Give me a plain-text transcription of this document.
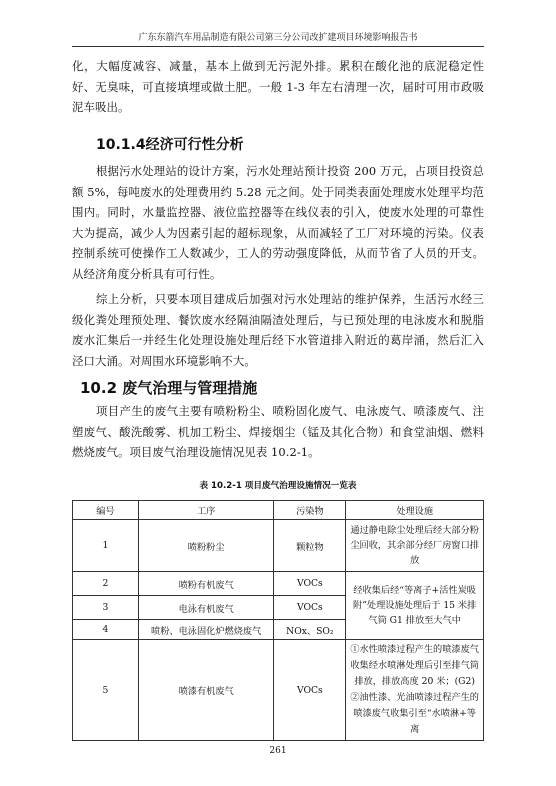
广东东箭汽车用品制造有限公司第三分公司改扩建项目环境影响报告书

化，大幅度减容、减量，基本上做到无污泥外排。累积在酸化池的底泥稳定性好、无臭味，可直接填埋或做土肥。一般 1-3 年左右清理一次，届时可用市政吸泥车吸出。

10.1.4经济可行性分析

根据污水处理站的设计方案，污水处理站预计投资 200 万元，占项目投资总额 5%，每吨废水的处理费用约 5.28 元之间。处于同类表面处理废水处理平均范围内。同时，水量监控器、液位监控器等在线仪表的引入，使废水处理的可靠性大为提高，减少人为因素引起的超标现象，从而减轻了工厂对环境的污染。仪表控制系统可使操作工人数减少，工人的劳动强度降低，从而节省了人员的开支。从经济角度分析具有可行性。

综上分析，只要本项目建成后加强对污水处理站的维护保养，生活污水经三级化粪处理预处理、餐饮废水经隔油隔渣处理后，与已预处理的电泳废水和脱脂废水汇集后一并经生化处理设施处理后经下水管道排入附近的葛岸涌，然后汇入泾口大涌。对周围水环境影响不大。

10.2 废气治理与管理措施

项目产生的废气主要有喷粉粉尘、喷粉固化废气、电泳废气、喷漆废气、注塑废气、酸洗酸雾、机加工粉尘、焊接烟尘（锰及其化合物）和食堂油烟、燃料燃烧废气。项目废气治理设施情况见表 10.2-1。

表 10.2-1 项目废气治理设施情况一览表
编号	工序	污染物	处理设施
1	喷粉粉尘	颗粒物	通过静电除尘处理后经大部分粉尘回收，其余部分经厂房窗口排放
2	喷粉有机废气	VOCs	经收集后经“等离子+活性炭吸附”处理设施处理后于 15 米排气筒 G1 排放至大气中
3	电泳有机废气	VOCs	
4	喷粉、电泳固化炉燃烧废气	NOx、SO₂	
5	喷漆有机废气	VOCs	①水性喷漆过程产生的喷漆废气收集经水喷淋处理后引至排气筒排放，排放高度 20 米；(G2) ②油性漆、光油喷漆过程产生的喷漆废气收集引至“水喷淋+等离
261
